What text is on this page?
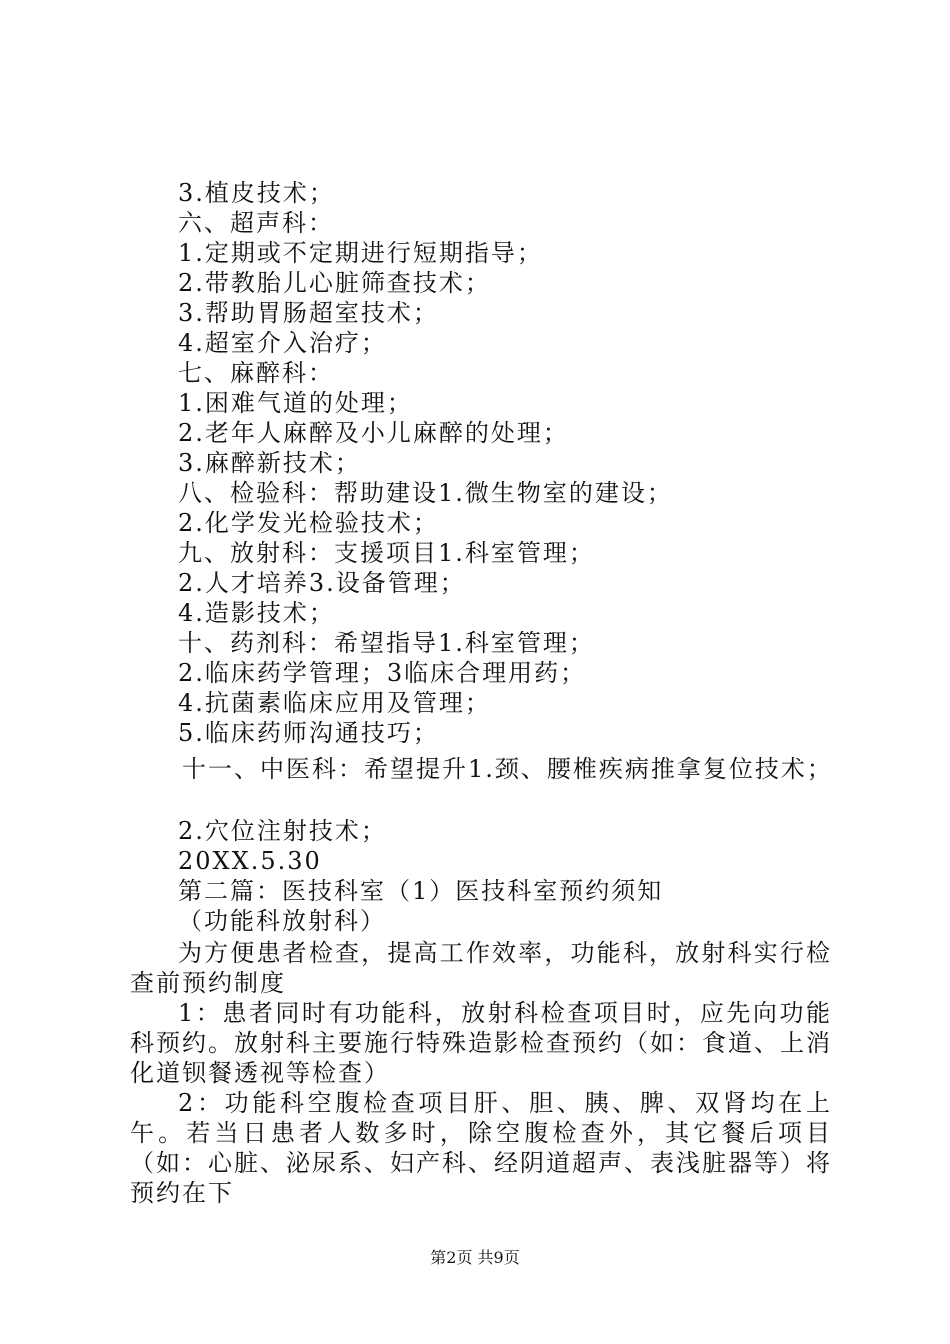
3.植皮技术；
六、超声科：
1.定期或不定期进行短期指导；
2.带教胎儿心脏筛查技术；
3.帮助胃肠超室技术；
4.超室介入治疗；
七、麻醉科：
1.困难气道的处理；
2.老年人麻醉及小儿麻醉的处理；
3.麻醉新技术；
八、检验科：帮助建设1.微生物室的建设；
2.化学发光检验技术；
九、放射科：支援项目1.科室管理；
2.人才培养3.设备管理；
4.造影技术；
十、药剂科：希望指导1.科室管理；
2.临床药学管理；3临床合理用药；
4.抗菌素临床应用及管理；
5.临床药师沟通技巧；
十一、中医科：希望提升1.颈、腰椎疾病推拿复位技术；
2.穴位注射技术；
20XX.5.30
第二篇：医技科室（1）医技科室预约须知
（功能科放射科）
为方便患者检查，提高工作效率，功能科，放射科实行检查前预约制度
1：患者同时有功能科，放射科检查项目时，应先向功能科预约。放射科主要施行特殊造影检查预约（如：食道、上消化道钡餐透视等检查）
2：功能科空腹检查项目肝、胆、胰、脾、双肾均在上午。若当日患者人数多时，除空腹检查外，其它餐后项目（如：心脏、泌尿系、妇产科、经阴道超声、表浅脏器等）将预约在下
第2页 共9页
